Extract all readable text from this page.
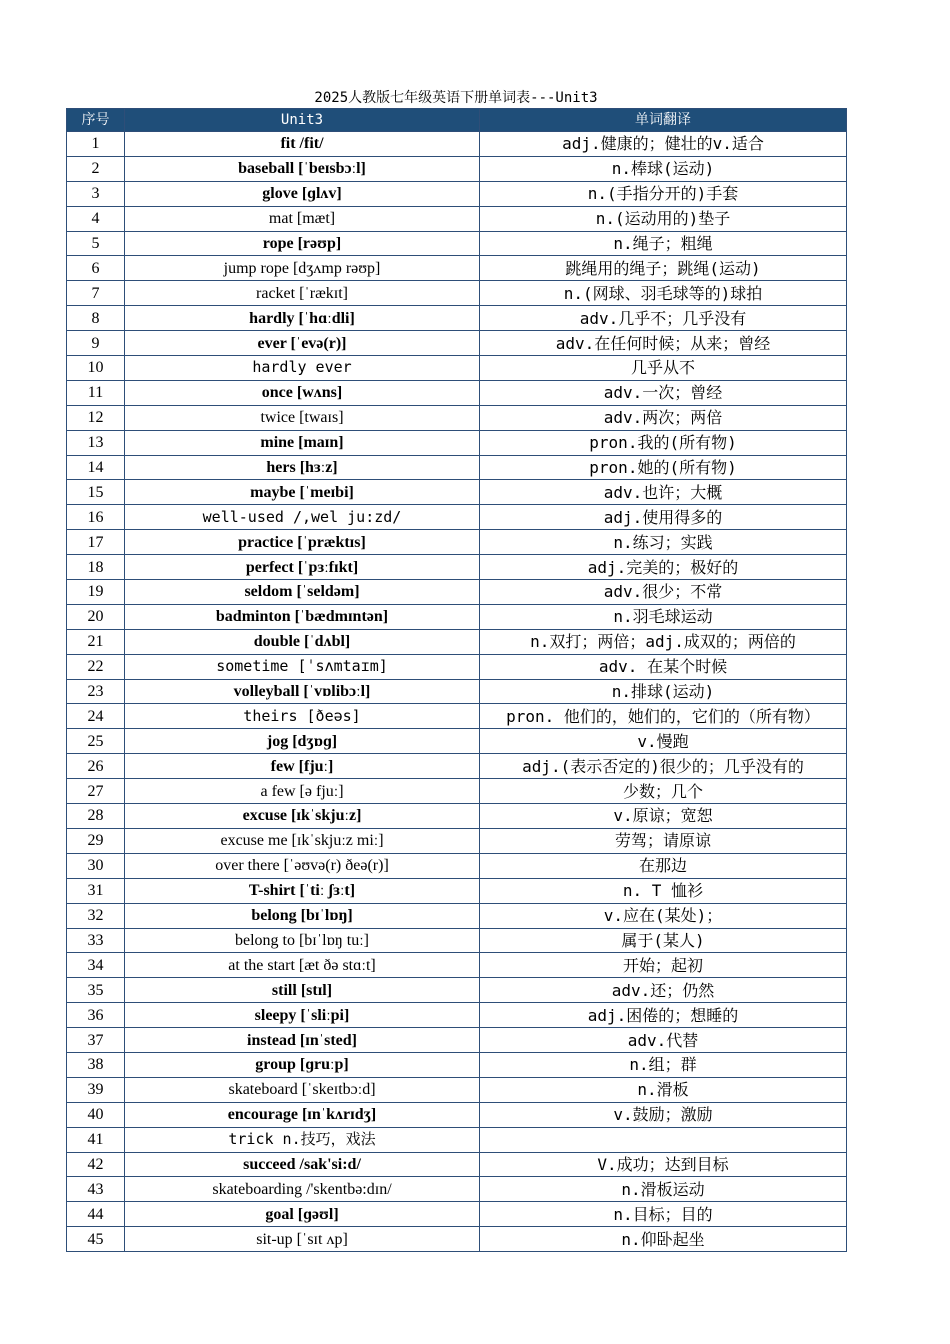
2025人教版七年级英语下册单词表---Unit3
序号	Unit3	单词翻译
1	fit /fit/	adj.健康的；健壮的v.适合
2	baseball [ˈbeɪsbɔːl]	n.棒球(运动)
3	glove [ɡlʌv]	n.(手指分开的)手套
4	mat [mæt]	n.(运动用的)垫子
5	rope [rəʊp]	n.绳子；粗绳
6	jump rope [dʒʌmp rəʊp]	跳绳用的绳子；跳绳(运动)
7	racket [ˈrækɪt]	n.(网球、羽毛球等的)球拍
8	hardly [ˈhɑːdli]	adv.几乎不；几乎没有
9	ever [ˈevə(r)]	adv.在任何时候；从来；曾经
10	hardly ever	几乎从不
11	once [wʌns]	adv.一次；曾经
12	twice [twaɪs]	adv.两次；两倍
13	mine [maɪn]	pron.我的(所有物)
14	hers [hɜːz]	pron.她的(所有物)
15	maybe [ˈmeɪbi]	adv.也许；大概
16	well-used /,wel ju:zd/	adj.使用得多的
17	practice [ˈpræktɪs]	n.练习；实践
18	perfect [ˈpɜːfɪkt]	adj.完美的；极好的
19	seldom [ˈseldəm]	adv.很少；不常
20	badminton [ˈbædmɪntən]	n.羽毛球运动
21	double [ˈdʌbl]	n.双打；两倍；adj.成双的；两倍的
22	sometime [ˈsʌmtaɪm]	adv. 在某个时候
23	volleyball [ˈvɒlibɔːl]	n.排球(运动)
24	theirs [ðeəs]	pron. 他们的，她们的，它们的（所有物）
25	jog [dʒɒɡ]	v.慢跑
26	few [fjuː]	adj.(表示否定的)很少的；几乎没有的
27	a few [ə fjuː]	少数；几个
28	excuse [ɪkˈskjuːz]	v.原谅；宽恕
29	excuse me [ɪkˈskjuːz miː]	劳驾；请原谅
30	over there [ˈəʊvə(r) ðeə(r)]	在那边
31	T-shirt [ˈtiː ʃɜːt]	n. T 恤衫
32	belong [bɪˈlɒŋ]	v.应在(某处)；
33	belong to [bɪˈlɒŋ tuː]	属于(某人)
34	at the start [æt ðə stɑːt]	开始；起初
35	still [stɪl]	adv.还；仍然
36	sleepy [ˈsliːpi]	adj.困倦的；想睡的
37	instead [ɪnˈsted]	adv.代替
38	group [ɡruːp]	n.组；群
39	skateboard [ˈskeɪtbɔːd]	n.滑板
40	encourage [ɪnˈkʌrɪdʒ]	v.鼓励；激励
41	trick n.技巧，戏法	
42	succeed /sak'si:d/	V.成功；达到目标
43	skateboarding /'skentbə:dɪn/	n.滑板运动
44	goal [ɡəʊl]	n.目标；目的
45	sit-up [ˈsɪt ʌp]	n.仰卧起坐
